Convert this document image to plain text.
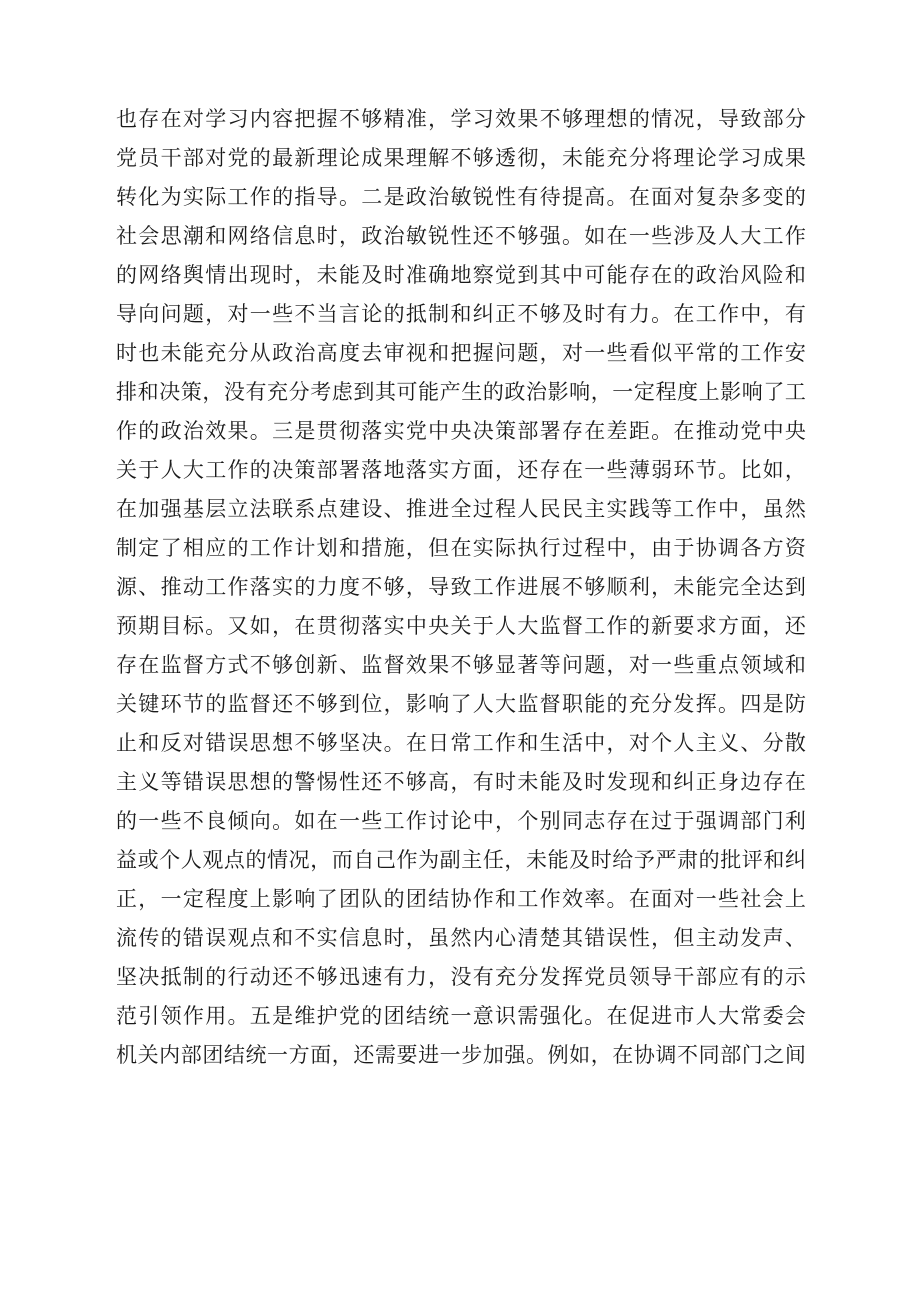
也 存 在 对 学 习 内 容 把 握 不 够 精 准 ， 学 习 效 果 不 够 理 想 的 情 况 ， 导 致 部 分
党 员 干 部 对 党 的 最 新 理 论 成 果 理 解 不 够 透 彻 ， 未 能 充 分 将 理 论 学 习 成 果
转 化 为 实 际 工 作 的 指 导 。 二 是 政 治 敏 锐 性 有 待 提 高 。 在 面 对 复 杂 多 变 的
社 会 思 潮 和 网 络 信 息 时 ， 政 治 敏 锐 性 还 不 够 强 。 如 在 一 些 涉 及 人 大 工 作
的 网 络 舆 情 出 现 时 ， 未 能 及 时 准 确 地 察 觉 到 其 中 可 能 存 在 的 政 治 风 险 和
导 向 问 题 ， 对 一 些 不 当 言 论 的 抵 制 和 纠 正 不 够 及 时 有 力 。 在 工 作 中 ， 有
时 也 未 能 充 分 从 政 治 高 度 去 审 视 和 把 握 问 题 ， 对 一 些 看 似 平 常 的 工 作 安
排 和 决 策 ， 没 有 充 分 考 虑 到 其 可 能 产 生 的 政 治 影 响 ， 一 定 程 度 上 影 响 了 工
作 的 政 治 效 果 。 三 是 贯 彻 落 实 党 中 央 决 策 部 署 存 在 差 距 。 在 推 动 党 中 央
关 于 人 大 工 作 的 决 策 部 署 落 地 落 实 方 面 ， 还 存 在 一 些 薄 弱 环 节 。 比 如 ，
在 加 强 基 层 立 法 联 系 点 建 设 、 推 进 全 过 程 人 民 民 主 实 践 等 工 作 中 ， 虽 然
制 定 了 相 应 的 工 作 计 划 和 措 施 ， 但 在 实 际 执 行 过 程 中 ， 由 于 协 调 各 方 资
源 、 推 动 工 作 落 实 的 力 度 不 够 ， 导 致 工 作 进 展 不 够 顺 利 ， 未 能 完 全 达 到
预 期 目 标 。 又 如 ， 在 贯 彻 落 实 中 央 关 于 人 大 监 督 工 作 的 新 要 求 方 面 ， 还
存 在 监 督 方 式 不 够 创 新 、 监 督 效 果 不 够 显 著 等 问 题 ， 对 一 些 重 点 领 域 和
关 键 环 节 的 监 督 还 不 够 到 位 ， 影 响 了 人 大 监 督 职 能 的 充 分 发 挥 。 四 是 防
止 和 反 对 错 误 思 想 不 够 坚 决 。 在 日 常 工 作 和 生 活 中 ， 对 个 人 主 义 、 分 散
主 义 等 错 误 思 想 的 警 惕 性 还 不 够 高 ， 有 时 未 能 及 时 发 现 和 纠 正 身 边 存 在
的 一 些 不 良 倾 向 。 如 在 一 些 工 作 讨 论 中 ， 个 别 同 志 存 在 过 于 强 调 部 门 利
益 或 个 人 观 点 的 情 况 ， 而 自 己 作 为 副 主 任 ， 未 能 及 时 给 予 严 肃 的 批 评 和 纠
正 ， 一 定 程 度 上 影 响 了 团 队 的 团 结 协 作 和 工 作 效 率 。 在 面 对 一 些 社 会 上
流 传 的 错 误 观 点 和 不 实 信 息 时 ， 虽 然 内 心 清 楚 其 错 误 性 ， 但 主 动 发 声 、
坚 决 抵 制 的 行 动 还 不 够 迅 速 有 力 ， 没 有 充 分 发 挥 党 员 领 导 干 部 应 有 的 示
范 引 领 作 用 。 五 是 维 护 党 的 团 结 统 一 意 识 需 强 化 。 在 促 进 市 人 大 常 委 会
机 关 内 部 团 结 统 一 方 面 ， 还 需 要 进 一 步 加 强 。 例 如 ， 在 协 调 不 同 部 门 之 间
